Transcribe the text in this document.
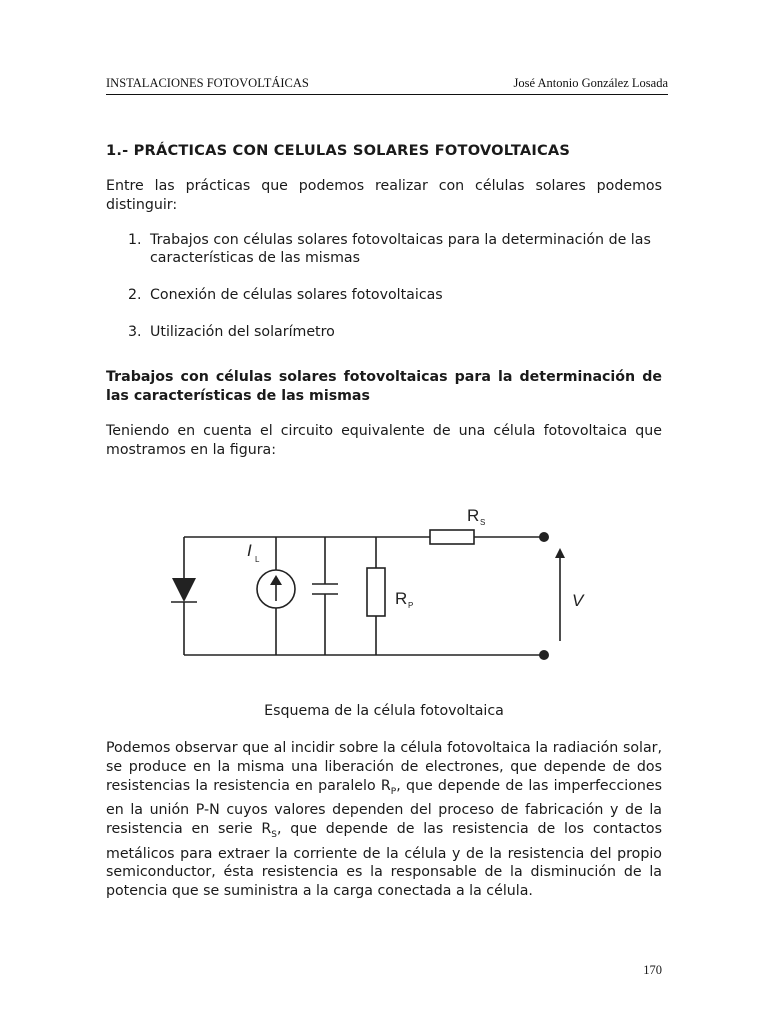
INSTALACIONES FOTOVOLTÁICAS	José Antonio González Losada
1.- PRÁCTICAS CON CELULAS SOLARES FOTOVOLTAICAS

Entre las prácticas que podemos realizar con células solares podemos distinguir:

1. Trabajos con células solares fotovoltaicas para la determinación de las características de las mismas
2. Conexión de células solares fotovoltaicas
3. Utilización del solarímetro
Trabajos con células solares fotovoltaicas para la determinación de las características de las mismas

Teniendo en cuenta el circuito equivalente de una célula fotovoltaica que mostramos en la figura:

I L
R S
R P	V
Esquema de la célula fotovoltaica

Podemos observar que al incidir sobre la célula fotovoltaica la radiación solar, se produce en la misma una liberación de electrones, que depende de dos resistencias la resistencia en paralelo $R_P$, que depende de las imperfecciones en la unión P-N cuyos valores dependen del proceso de fabricación y de la resistencia en serie $R_S$, que depende de las resistencia de los contactos metálicos para extraer la corriente de la célula y de la resistencia del propio semiconductor, ésta resistencia es la responsable de la disminución de la potencia que se suministra a la carga conectada a la célula.

170
